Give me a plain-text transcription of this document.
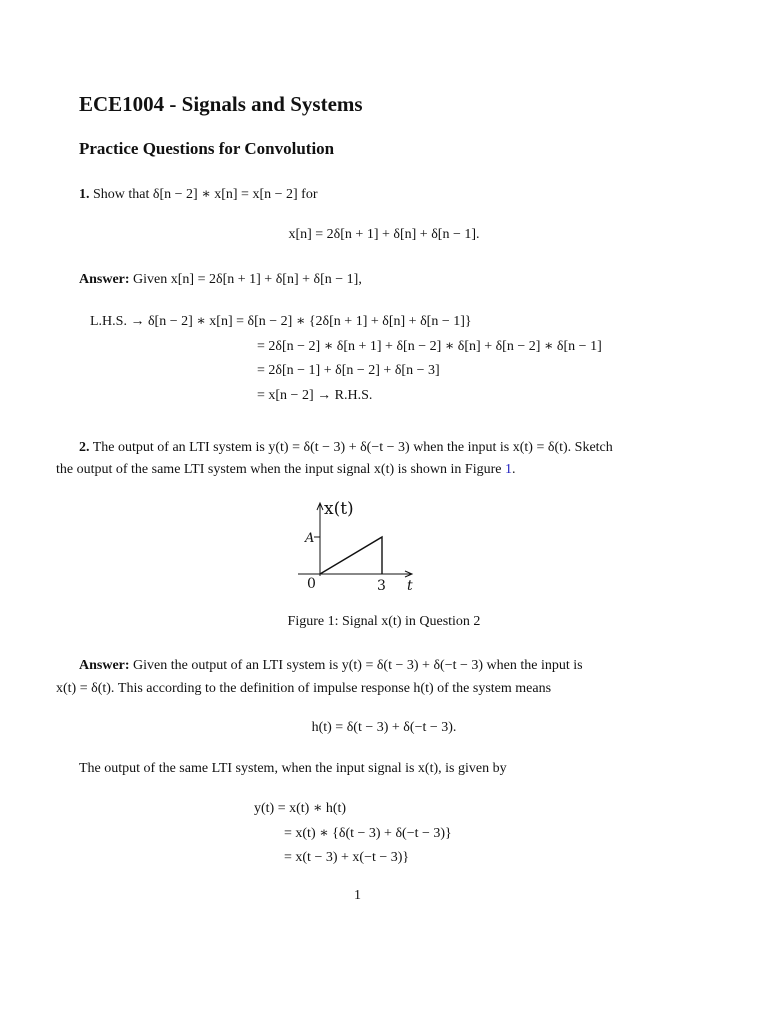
ECE1004 - Signals and Systems
Practice Questions for Convolution
1. Show that δ[n − 2] ∗ x[n] = x[n − 2] for
x[n] = 2δ[n + 1] + δ[n] + δ[n − 1].
Answer: Given x[n] = 2δ[n + 1] + δ[n] + δ[n − 1],
L.H.S. → δ[n − 2] ∗ x[n] = δ[n − 2] ∗ {2δ[n + 1] + δ[n] + δ[n − 1]}
= 2δ[n − 2] ∗ δ[n + 1] + δ[n − 2] ∗ δ[n] + δ[n − 2] ∗ δ[n − 1]
= 2δ[n − 1] + δ[n − 2] + δ[n − 3]
= x[n − 2] → R.H.S.
2. The output of an LTI system is y(t) = δ(t − 3) + δ(−t − 3) when the input is x(t) = δ(t). Sketch
the output of the same LTI system when the input signal x(t) is shown in Figure 1.
x(t)
A
0	3 t
Figure 1: Signal x(t) in Question 2
Answer: Given the output of an LTI system is y(t) = δ(t − 3) + δ(−t − 3) when the input is
x(t) = δ(t). This according to the definition of impulse response h(t) of the system means
h(t) = δ(t − 3) + δ(−t − 3).
The output of the same LTI system, when the input signal is x(t), is given by
y(t) = x(t) ∗ h(t)
= x(t) ∗ {δ(t − 3) + δ(−t − 3)}
= x(t − 3) + x(−t − 3)}
1
